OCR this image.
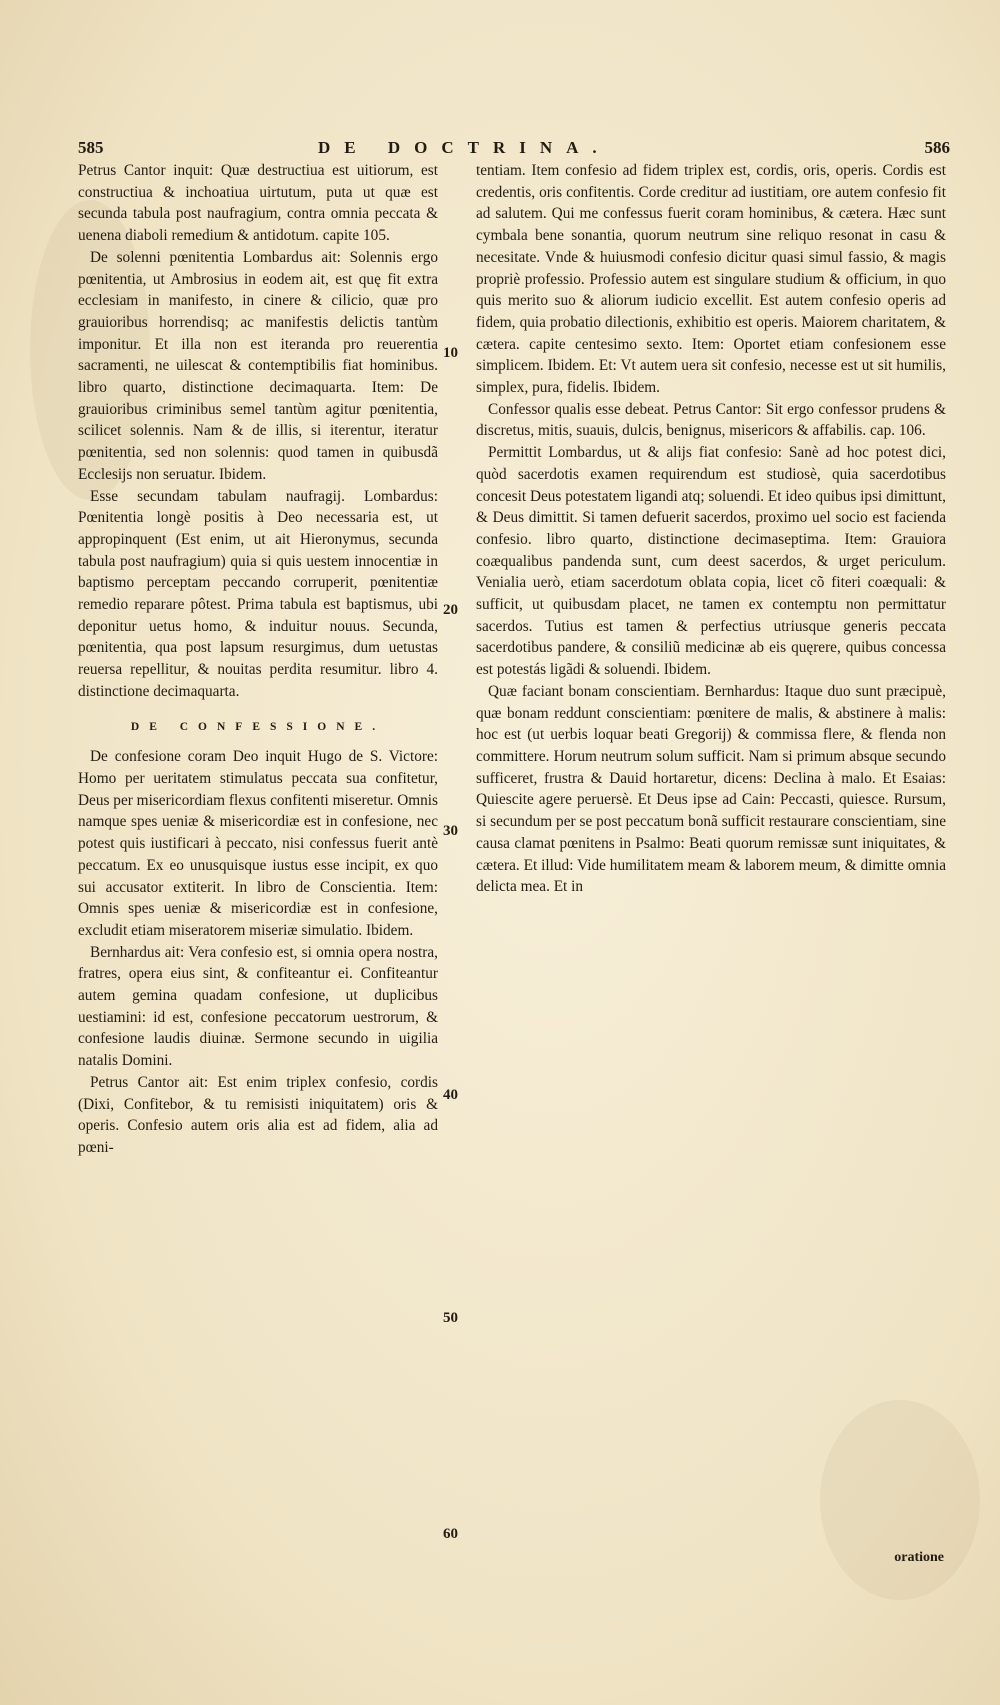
585	DE DOCTRINA.	586

Petrus Cantor inquit: Quæ destructiua est uitiorum, est constructiua & inchoatiua uirtutum, puta ut quæ est secunda tabula post naufragium, contra omnia peccata & uenena diaboli remedium & antidotum. capite 105.

De solenni pœnitentia Lombardus ait: Solennis ergo pœnitentia, ut Ambrosius in eodem ait, est quę fit extra ecclesiam in manifesto, in cinere & cilicio, quæ pro grauioribus horrendisq; ac manifestis delictis tantùm imponitur. Et illa non est iteranda pro reuerentia sacramenti, ne uilescat & contemptibilis fiat hominibus. libro quarto, distinctione decimaquarta. Item: De grauioribus criminibus semel tantùm agitur pœnitentia, scilicet solennis. Nam & de illis, si iterentur, iteratur pœnitentia, sed non solennis: quod tamen in quibusdã Ecclesijs non seruatur. Ibidem.

Esse secundam tabulam naufragij. Lombardus: Pœnitentia longè positis à Deo necessaria est, ut appropinquent (Est enim, ut ait Hieronymus, secunda tabula post naufragium) quia si quis uestem innocentiæ in baptismo perceptam peccando corruperit, pœnitentiæ remedio reparare pôtest. Prima tabula est baptismus, ubi deponitur uetus homo, & induitur nouus. Secunda, pœnitentia, qua post lapsum resurgimus, dum uetustas reuersa repellitur, & nouitas perdita resumitur. libro 4. distinctione decimaquarta.

DE CONFESSIONE.

De confesione coram Deo inquit Hugo de S. Victore: Homo per ueritatem stimulatus peccata sua confitetur, Deus per misericordiam flexus confitenti miseretur. Omnis namque spes ueniæ & misericordiæ est in confesione, nec potest quis iustificari à peccato, nisi confessus fuerit antè peccatum. Ex eo unusquisque iustus esse incipit, ex quo sui accusator extiterit. In libro de Conscientia. Item: Omnis spes ueniæ & misericordiæ est in confesione, excludit etiam miseratorem miseriæ simulatio. Ibidem.

Bernhardus ait: Vera confesio est, si omnia opera nostra, fratres, opera eius sint, & confiteantur ei. Confiteantur autem gemina quadam confesione, ut duplicibus uestiamini: id est, confesione peccatorum uestrorum, & confesione laudis diuinæ. Sermone secundo in uigilia natalis Domini.

Petrus Cantor ait: Est enim triplex confesio, cordis (Dixi, Confitebor, & tu remisisti iniquitatem) oris & operis. Confesio autem oris alia est ad fidem, alia ad pœni-

10
20
30
40
50
60

tentiam. Item confesio ad fidem triplex est, cordis, oris, operis. Cordis est credentis, oris confitentis. Corde creditur ad iustitiam, ore autem confesio fit ad salutem. Qui me confessus fuerit coram hominibus, & cætera. Hæc sunt cymbala bene sonantia, quorum neutrum sine reliquo resonat in casu & necesitate. Vnde & huiusmodi confesio dicitur quasi simul fassio, & magis propriè professio. Professio autem est singulare studium & officium, in quo quis merito suo & aliorum iudicio excellit. Est autem confesio operis ad fidem, quia probatio dilectionis, exhibitio est operis. Maiorem charitatem, & cætera. capite centesimo sexto. Item: Oportet etiam confesionem esse simplicem. Ibidem. Et: Vt autem uera sit confesio, necesse est ut sit humilis, simplex, pura, fidelis. Ibidem.

Confessor qualis esse debeat. Petrus Cantor: Sit ergo confessor prudens & discretus, mitis, suauis, dulcis, benignus, misericors & affabilis. cap. 106.

Permittit Lombardus, ut & alijs fiat confesio: Sanè ad hoc potest dici, quòd sacerdotis examen requirendum est studiosè, quia sacerdotibus concesit Deus potestatem ligandi atq; soluendi. Et ideo quibus ipsi dimittunt, & Deus dimittit. Si tamen defuerit sacerdos, proximo uel socio est facienda confesio. libro quarto, distinctione decimaseptima. Item: Grauiora coæqualibus pandenda sunt, cum deest sacerdos, & urget periculum. Venialia uerò, etiam sacerdotum oblata copia, licet cõ fiteri coæquali: & sufficit, ut quibusdam placet, ne tamen ex contemptu non permittatur sacerdos. Tutius est tamen & perfectius utriusque generis peccata sacerdotibus pandere, & consiliũ medicinæ ab eis quęrere, quibus concessa est potestás ligãdi & soluendi. Ibidem.

Quæ faciant bonam conscientiam. Bernhardus: Itaque duo sunt præcipuè, quæ bonam reddunt conscientiam: pœnitere de malis, & abstinere à malis: hoc est (ut uerbis loquar beati Gregorij) & commissa flere, & flenda non committere. Horum neutrum solum sufficit. Nam si primum absque secundo sufficeret, frustra & Dauid hortaretur, dicens: Declina à malo. Et Esaias: Quiescite agere peruersè. Et Deus ipse ad Cain: Peccasti, quiesce. Rursum, si secundum per se post peccatum bonã sufficit restaurare conscientiam, sine causa clamat pœnitens in Psalmo: Beati quorum remissæ sunt iniquitates, & cætera. Et illud: Vide humilitatem meam & laborem meum, & dimitte omnia delicta mea. Et in

oratione
